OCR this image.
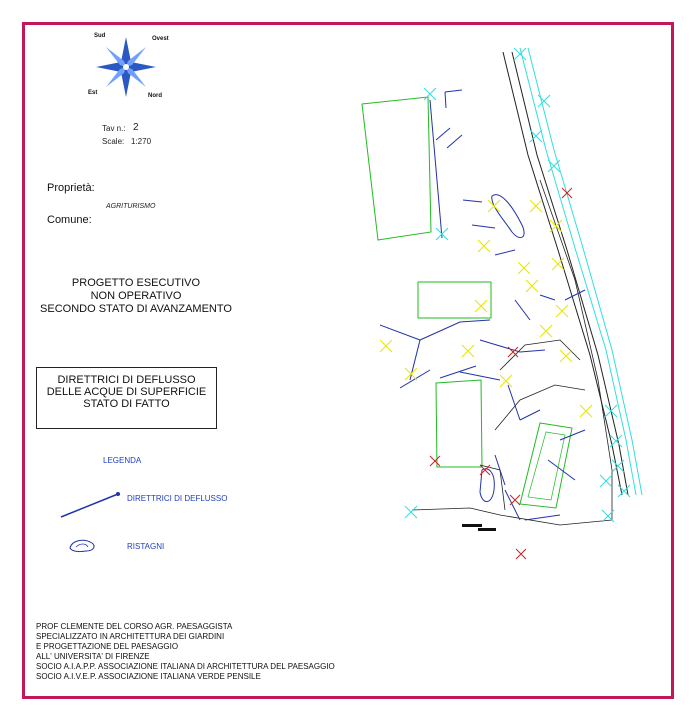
Sud	Ovest
Est	Nord
Tav n.: 2
Scale: 1:270
Proprietà:
AGRITURISMO
Comune:
PROGETTO ESECUTIVO
NON OPERATIVO
SECONDO STATO DI AVANZAMENTO
DIRETTRICI DI DEFLUSSO
DELLE ACQUE DI SUPERFICIE
STATO DI FATTO
LEGENDA
DIRETTRICI DI DEFLUSSO
RISTAGNI
PROF CLEMENTE DEL CORSO AGR. PAESAGGISTA
SPECIALIZZATO IN ARCHITETTURA DEI GIARDINI
E PROGETTAZIONE DEL PAESAGGIO
ALL' UNIVERSITA' DI FIRENZE
SOCIO A.I.A.P.P. ASSOCIAZIONE ITALIANA DI ARCHITETTURA DEL PAESAGGIO
SOCIO A.I.V.E.P. ASSOCIAZIONE ITALIANA VERDE PENSILE
